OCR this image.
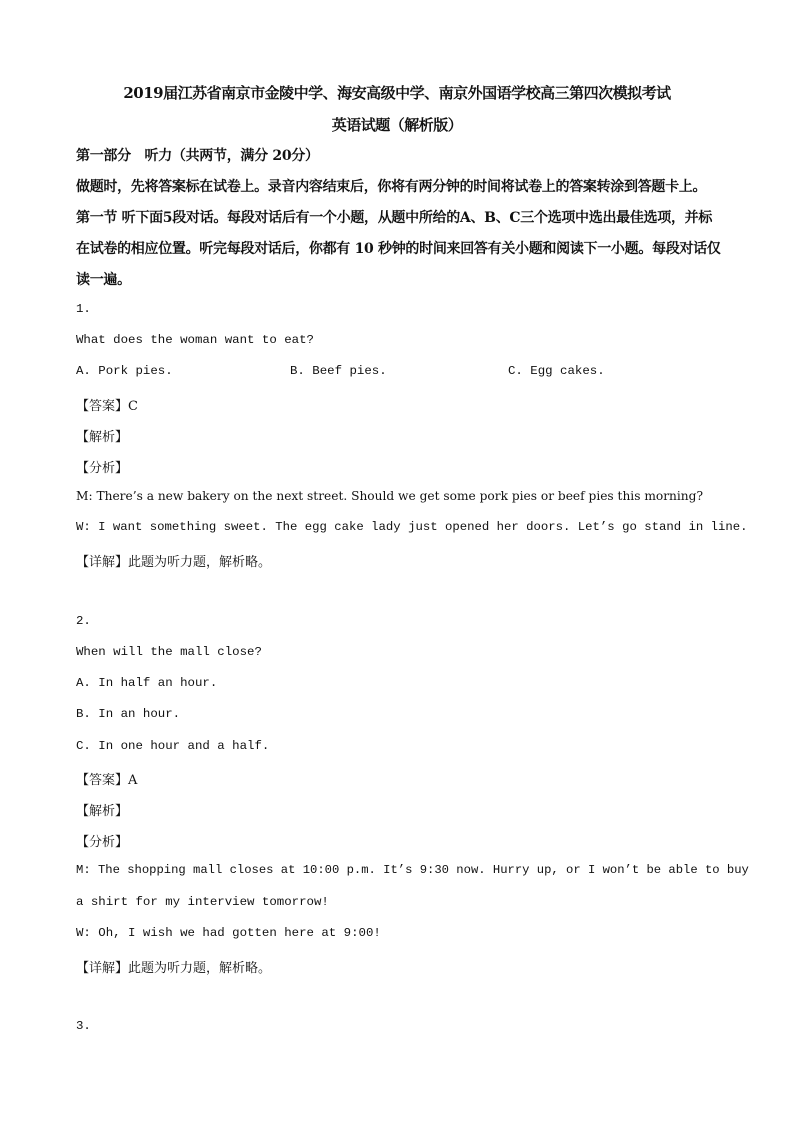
2019届江苏省南京市金陵中学、海安高级中学、南京外国语学校高三第四次模拟考试
英语试题（解析版）
第一部分　听力（共两节，满分 20分）
做题时，先将答案标在试卷上。录音内容结束后，你将有两分钟的时间将试卷上的答案转涂到答题卡上。
第一节 听下面5段对话。每段对话后有一个小题，从题中所给的A、B、C三个选项中选出最佳选项，并标
在试卷的相应位置。听完每段对话后，你都有 10 秒钟的时间来回答有关小题和阅读下一小题。每段对话仅
读一遍。
1.
What does the woman want to eat?
A. Pork pies.	B. Beef pies.	C. Egg cakes.
【答案】C
【解析】
【分析】
M: There’s a new bakery on the next street. Should we get some pork pies or beef pies this morning?
W: I want something sweet. The egg cake lady just opened her doors. Let’s go stand in line.
【详解】此题为听力题，解析略。
2.
When will the mall close?
A. In half an hour.
B. In an hour.
C. In one hour and a half.
【答案】A
【解析】
【分析】
M: The shopping mall closes at 10:00 p.m. It’s 9:30 now. Hurry up, or I won’t be able to buy
a shirt for my interview tomorrow!
W: Oh, I wish we had gotten here at 9:00!
【详解】此题为听力题，解析略。
3.
